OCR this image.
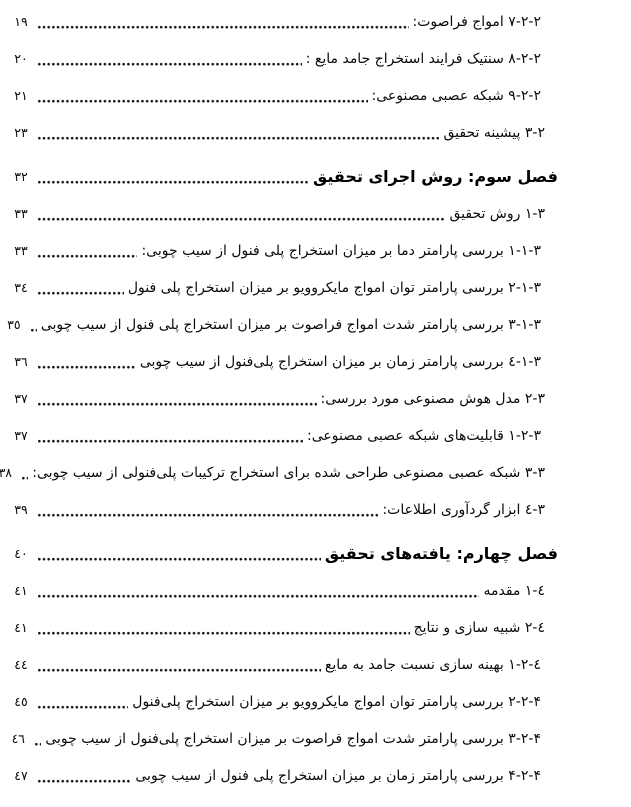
٢-٢-٧ امواج فراصوت:
١٩
٢-٢-٨ سنتیک فرایند استخراج جامد مایع :
٢٠
٢-٢-٩ شبکه عصبی مصنوعی:
٢١
٢-٣ پیشینه تحقیق
٢٣
فصل سوم: روش اجرای تحقیق
٣٢
٣-١ روش تحقیق
٣٣
٣-١-١ بررسی پارامتر دما بر میزان استخراج پلی فنول از سیب چوبی:
٣٣
٣-١-٢ بررسی پارامتر توان امواج مایکروویو بر میزان استخراج پلی فنول
٣٤
٣-١-٣ بررسی پارامتر شدت امواج فراصوت بر میزان استخراج پلی فنول از سیب چوبی
٣٥
٣-١-٤ بررسی پارامتر زمان بر میزان استخراج پلی‌فنول از سیب چوبی
٣٦
٣-٢ مدل هوش مصنوعی مورد بررسی:
٣٧
٣-٢-١ قابلیت‌های شبکه عصبی مصنوعی:
٣٧
٣-٣ شبکه عصبی مصنوعی طراحی شده برای استخراج ترکیبات پلی‌فنولی از سیب چوبی:
٣٨
٣-٤ ابزار گردآوری اطلاعات:
٣٩
فصل چهارم: یافته‌های تحقیق
٤٠
٤-١ مقدمه
٤١
٤-٢ شبیه سازی و نتایج
٤١
٤-٢-١ بهینه سازی نسبت جامد به مایع
٤٤
۴-٢-٢ بررسی پارامتر توان امواج مایکروویو بر میزان استخراج پلی‌فنول
٤٥
۴-٢-٣ بررسی پارامتر شدت امواج فراصوت بر میزان استخراج پلی‌فنول از سیب چوبی
٤٦
۴-٢-۴ بررسی پارامتر زمان بر میزان استخراج پلی فنول از سیب چوبی
٤٧
